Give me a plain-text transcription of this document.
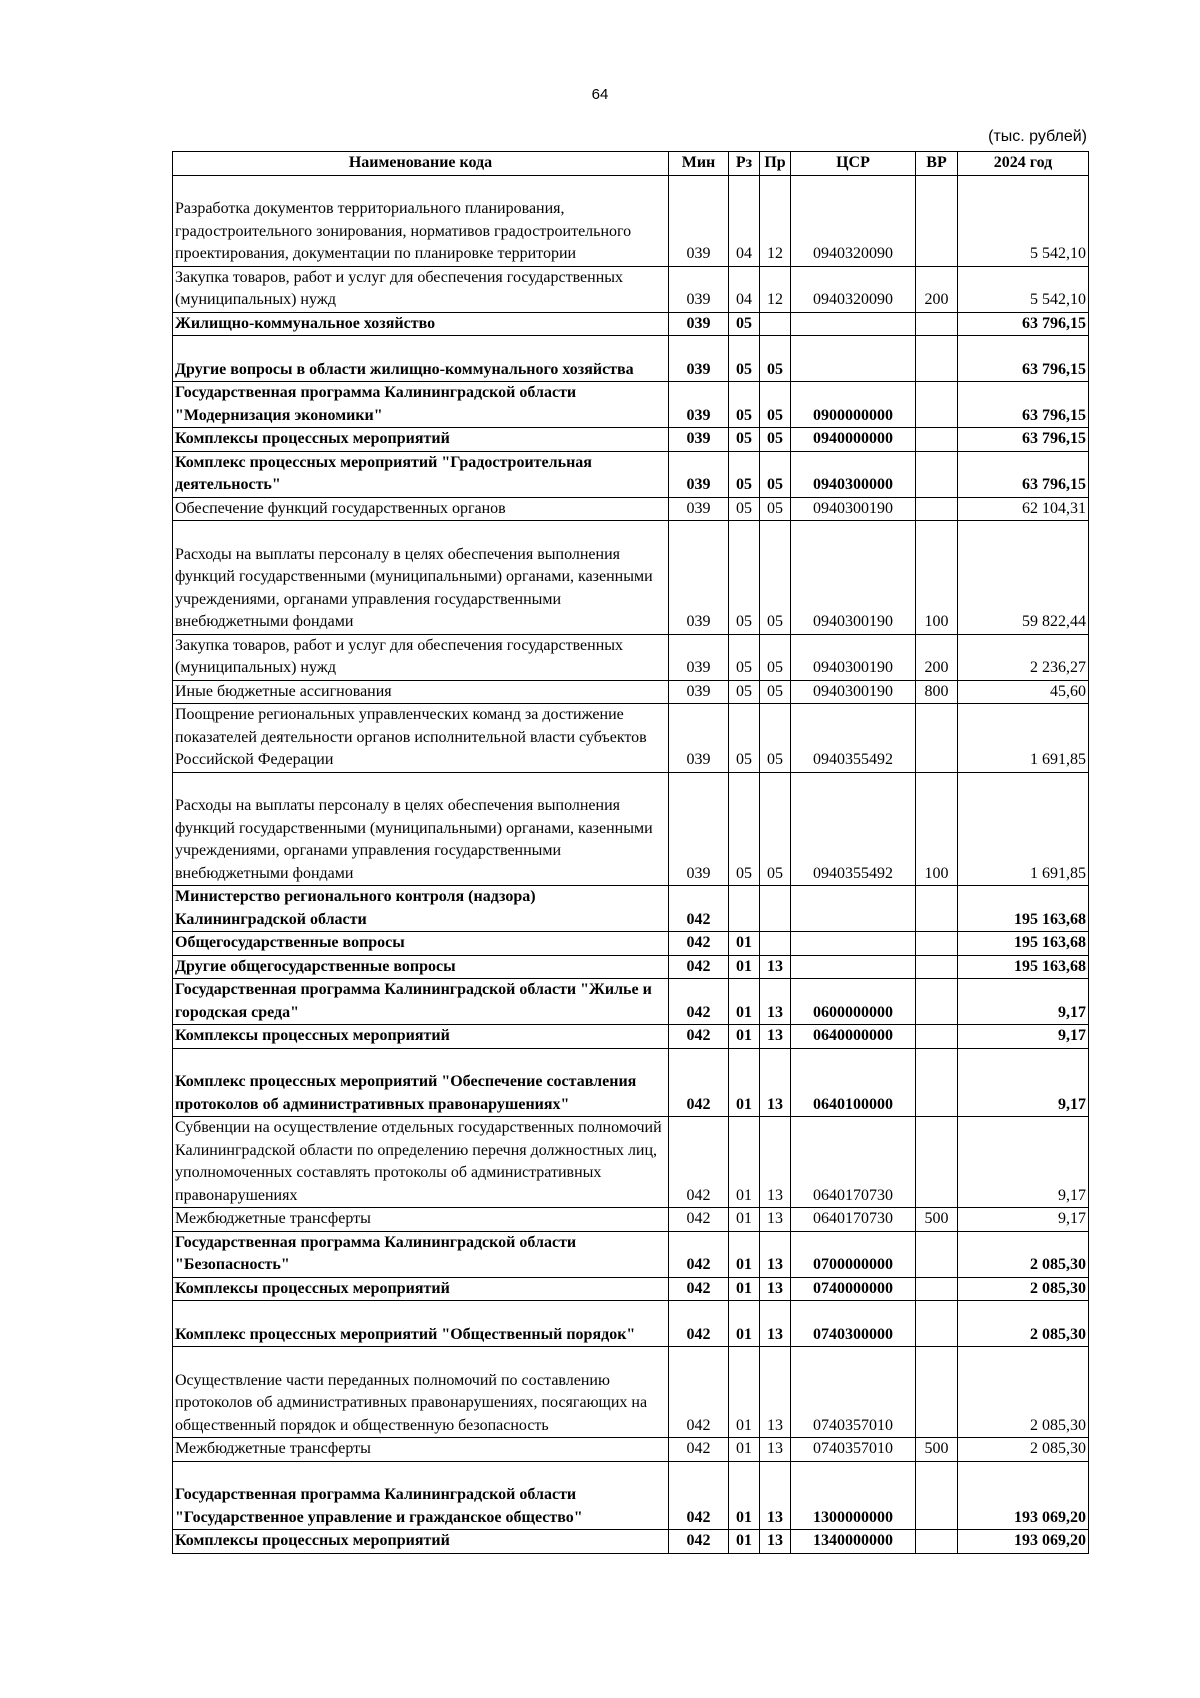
64
(тыс. рублей)
Наименование кода	Мин	Рз	Пр	ЦСР	ВР	2024 год
Разработка документов территориального планирования, градостроительного зонирования, нормативов градостроительного проектирования, документации по планировке территории	039	04	12	0940320090		5 542,10
Закупка товаров, работ и услуг для обеспечения государственных (муниципальных) нужд	039	04	12	0940320090	200	5 542,10
Жилищно-коммунальное хозяйство	039	05				63 796,15
Другие вопросы в области жилищно-коммунального хозяйства	039	05	05			63 796,15
Государственная программа Калининградской области "Модернизация экономики"	039	05	05	0900000000		63 796,15
Комплексы процессных мероприятий	039	05	05	0940000000		63 796,15
Комплекс процессных мероприятий "Градостроительная деятельность"	039	05	05	0940300000		63 796,15
Обеспечение функций государственных органов	039	05	05	0940300190		62 104,31
Расходы на выплаты персоналу в целях обеспечения выполнения функций государственными (муниципальными) органами, казенными учреждениями, органами управления государственными внебюджетными фондами	039	05	05	0940300190	100	59 822,44
Закупка товаров, работ и услуг для обеспечения государственных (муниципальных) нужд	039	05	05	0940300190	200	2 236,27
Иные бюджетные ассигнования	039	05	05	0940300190	800	45,60
Поощрение региональных управленческих команд за достижение показателей деятельности органов исполнительной власти субъектов Российской Федерации	039	05	05	0940355492		1 691,85
Расходы на выплаты персоналу в целях обеспечения выполнения функций государственными (муниципальными) органами, казенными учреждениями, органами управления государственными внебюджетными фондами	039	05	05	0940355492	100	1 691,85
Министерство регионального контроля (надзора) Калининградской области	042					195 163,68
Общегосударственные вопросы	042	01				195 163,68
Другие общегосударственные вопросы	042	01	13			195 163,68
Государственная программа Калининградской области "Жилье и городская среда"	042	01	13	0600000000		9,17
Комплексы процессных мероприятий	042	01	13	0640000000		9,17
Комплекс процессных мероприятий "Обеспечение составления протоколов об административных правонарушениях"	042	01	13	0640100000		9,17
Субвенции на осуществление отдельных государственных полномочий Калининградской области по определению перечня должностных лиц, уполномоченных составлять протоколы об административных правонарушениях	042	01	13	0640170730		9,17
Межбюджетные трансферты	042	01	13	0640170730	500	9,17
Государственная программа Калининградской области "Безопасность"	042	01	13	0700000000		2 085,30
Комплексы процессных мероприятий	042	01	13	0740000000		2 085,30
Комплекс процессных мероприятий "Общественный порядок"	042	01	13	0740300000		2 085,30
Осуществление части переданных полномочий по составлению протоколов об административных правонарушениях, посягающих на общественный порядок и общественную безопасность	042	01	13	0740357010		2 085,30
Межбюджетные трансферты	042	01	13	0740357010	500	2 085,30
Государственная программа Калининградской области "Государственное управление и гражданское общество"	042	01	13	1300000000		193 069,20
Комплексы процессных мероприятий	042	01	13	1340000000		193 069,20
